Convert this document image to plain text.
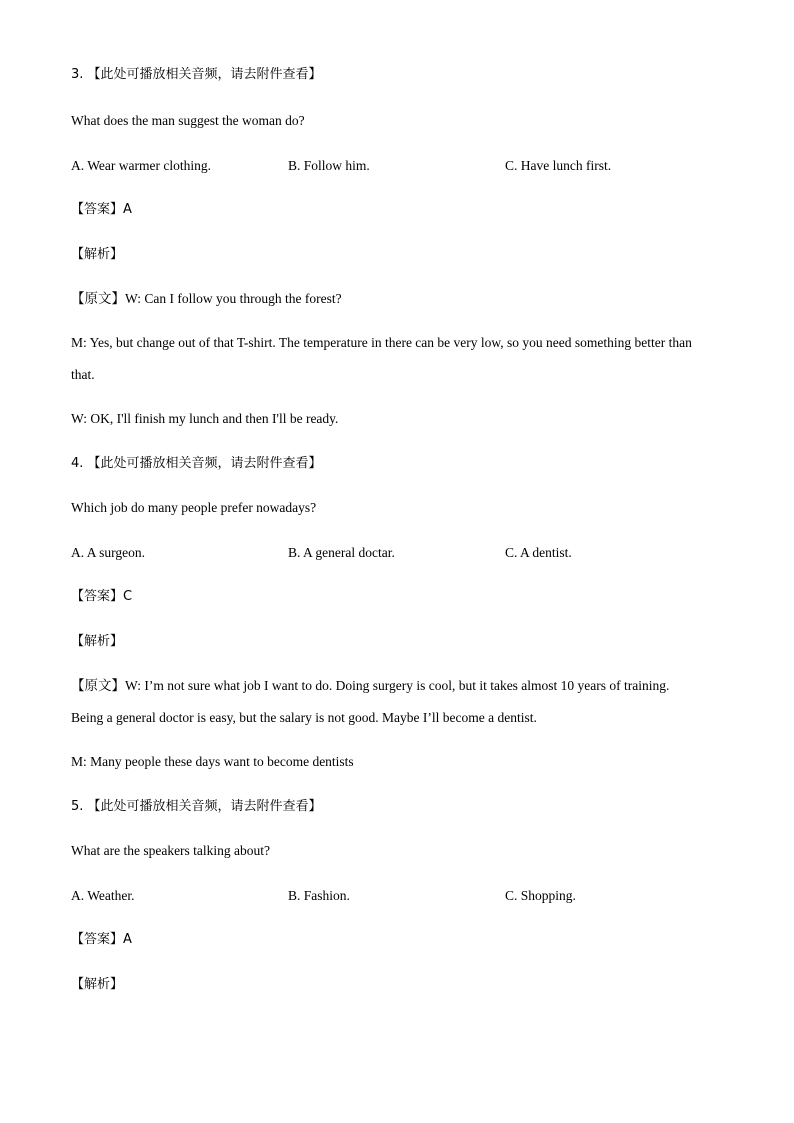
3. 【此处可播放相关音频，请去附件查看】
What does the man suggest the woman do?
A. Wear warmer clothing.	B. Follow him.	C. Have lunch first.
【答案】A
【解析】
【原文】W: Can I follow you through the forest?
M: Yes, but change out of that T-shirt. The temperature in there can be very low, so you need something better than
that.
W: OK, I'll finish my lunch and then I'll be ready.
4. 【此处可播放相关音频，请去附件查看】
Which job do many people prefer nowadays?
A. A surgeon.	B. A general doctar.	C. A dentist.
【答案】C
【解析】
【原文】W: I’m not sure what job I want to do. Doing surgery is cool, but it takes almost 10 years of training.
Being a general doctor is easy, but the salary is not good. Maybe I’ll become a dentist.
M: Many people these days want to become dentists
5. 【此处可播放相关音频，请去附件查看】
What are the speakers talking about?
A. Weather.	B. Fashion.	C. Shopping.
【答案】A
【解析】
